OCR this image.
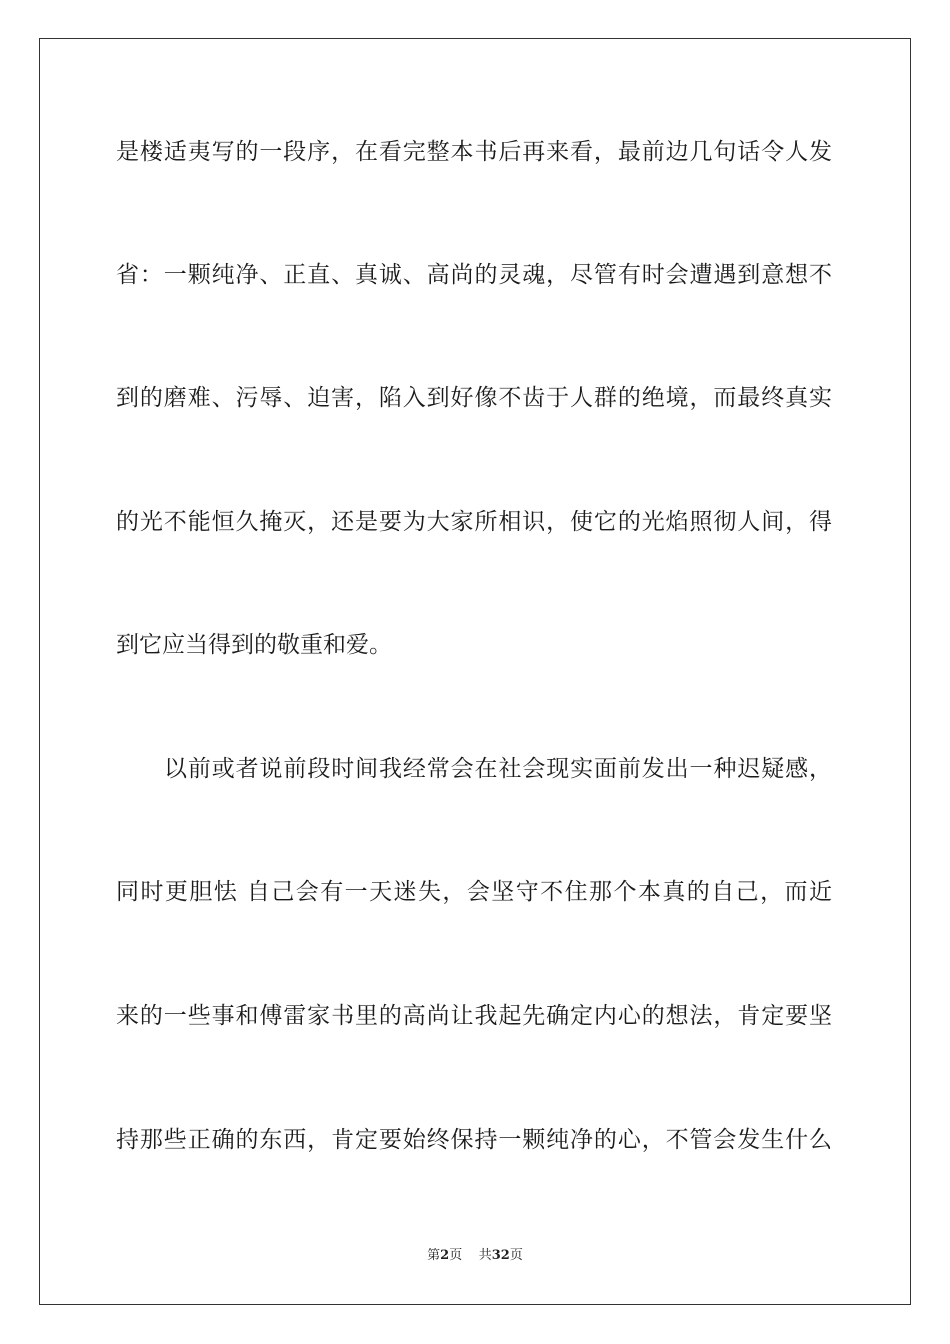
是楼适夷写的一段序，在看完整本书后再来看，最前边几句话令人发
省：一颗纯净、正直、真诚、高尚的灵魂，尽管有时会遭遇到意想不
到的磨难、污辱、迫害，陷入到好像不齿于人群的绝境，而最终真实
的光不能恒久掩灭，还是要为大家所相识，使它的光焰照彻人间，得
到它应当得到的敬重和爱。
以前或者说前段时间我经常会在社会现实面前发出一种迟疑感，
同时更胆怯 自己会有一天迷失，会坚守不住那个本真的自己，而近
来的一些事和傅雷家书里的高尚让我起先确定内心的想法，肯定要坚
持那些正确的东西，肯定要始终保持一颗纯净的心，不管会发生什么
第2页 共32页
